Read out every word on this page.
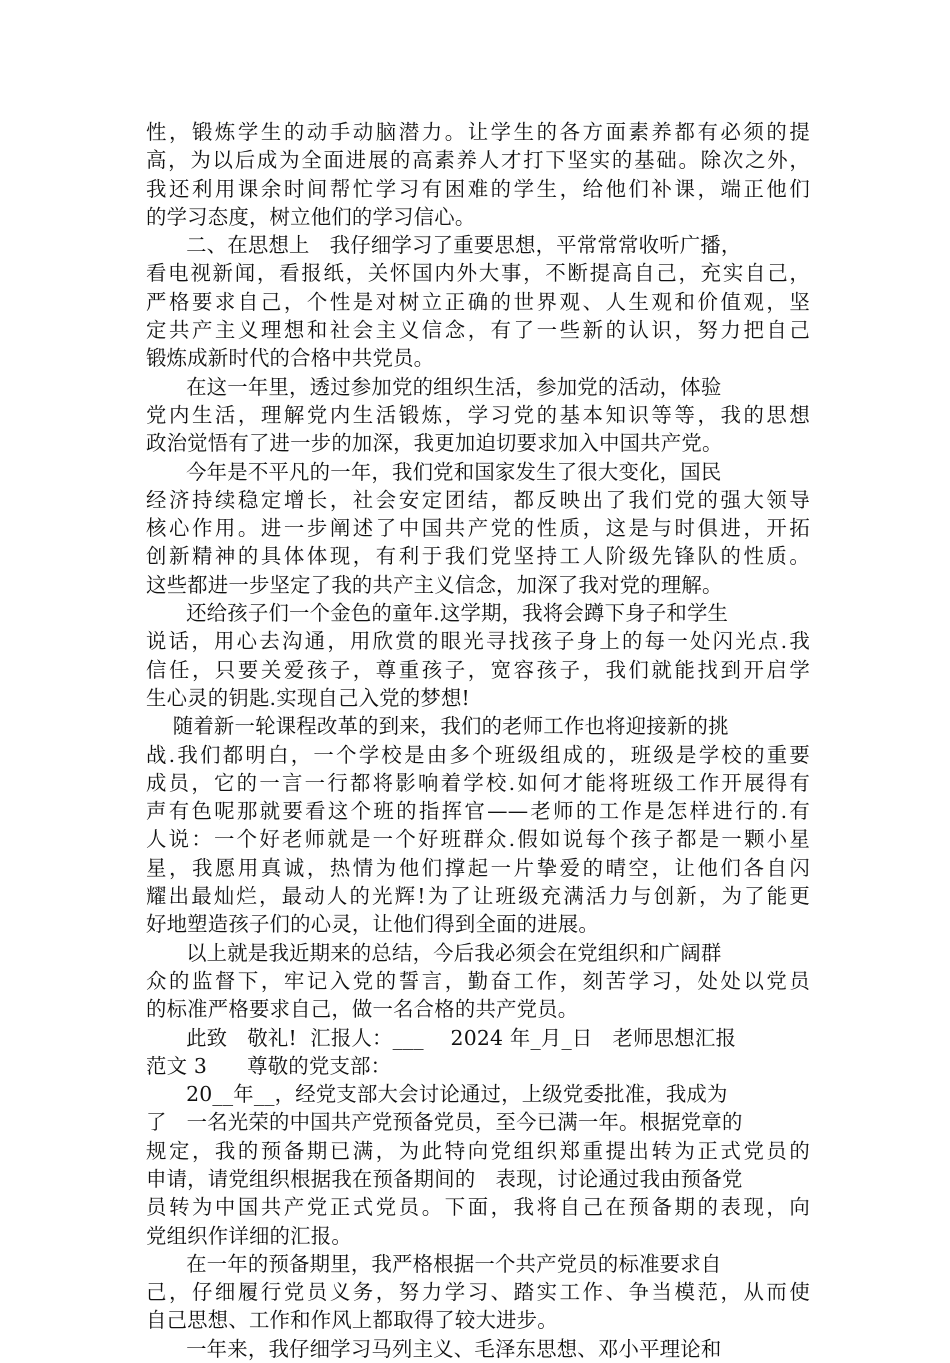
性，锻炼学生的动手动脑潜力。让学生的各方面素养都有必须的提
高，为以后成为全面进展的高素养人才打下坚实的基础。除次之外，
我还利用课余时间帮忙学习有困难的学生，给他们补课，端正他们
的学习态度，树立他们的学习信心。
二、在思想上   我仔细学习了重要思想，平常常常收听广播，
看电视新闻，看报纸，关怀国内外大事，不断提高自己，充实自己，
严格要求自己，个性是对树立正确的世界观、人生观和价值观，坚
定共产主义理想和社会主义信念，有了一些新的认识，努力把自己
锻炼成新时代的合格中共党员。
在这一年里，透过参加党的组织生活，参加党的活动，体验
党内生活，理解党内生活锻炼，学习党的基本知识等等，我的思想
政治觉悟有了进一步的加深，我更加迫切要求加入中国共产党。
今年是不平凡的一年，我们党和国家发生了很大变化，国民
经济持续稳定增长，社会安定团结，都反映出了我们党的强大领导
核心作用。进一步阐述了中国共产党的性质，这是与时俱进，开拓
创新精神的具体体现，有利于我们党坚持工人阶级先锋队的性质。
这些都进一步坚定了我的共产主义信念，加深了我对党的理解。
还给孩子们一个金色的童年.这学期，我将会蹲下身子和学生
说话，用心去沟通，用欣赏的眼光寻找孩子身上的每一处闪光点.我
信任，只要关爱孩子，尊重孩子，宽容孩子，我们就能找到开启学
生心灵的钥匙.实现自己入党的梦想!
随着新一轮课程改革的到来，我们的老师工作也将迎接新的挑
战.我们都明白，一个学校是由多个班级组成的，班级是学校的重要
成员，它的一言一行都将影响着学校.如何才能将班级工作开展得有
声有色呢那就要看这个班的指挥官——老师的工作是怎样进行的.有
人说：一个好老师就是一个好班群众.假如说每个孩子都是一颗小星
星，我愿用真诚，热情为他们撑起一片挚爱的晴空，让他们各自闪
耀出最灿烂，最动人的光辉!为了让班级充满活力与创新，为了能更
好地塑造孩子们的心灵，让他们得到全面的进展。
以上就是我近期来的总结，今后我必须会在党组织和广阔群
众的监督下，牢记入党的誓言，勤奋工作，刻苦学习，处处以党员
的标准严格要求自己，做一名合格的共产党员。
此致   敬礼!  汇报人：___    2024 年_月_日   老师思想汇报
范文 3      尊敬的党支部：
20__年__，经党支部大会讨论通过，上级党委批准，我成为
了   一名光荣的中国共产党预备党员，至今已满一年。根据党章的
规定，我的预备期已满，为此特向党组织郑重提出转为正式党员的
申请，请党组织根据我在预备期间的   表现，讨论通过我由预备党
员转为中国共产党正式党员。下面，我将自己在预备期的表现，向
党组织作详细的汇报。
在一年的预备期里，我严格根据一个共产党员的标准要求自
己，仔细履行党员义务，努力学习、踏实工作、争当模范，从而使
自己思想、工作和作风上都取得了较大进步。
一年来，我仔细学习马列主义、毛泽东思想、邓小平理论和
